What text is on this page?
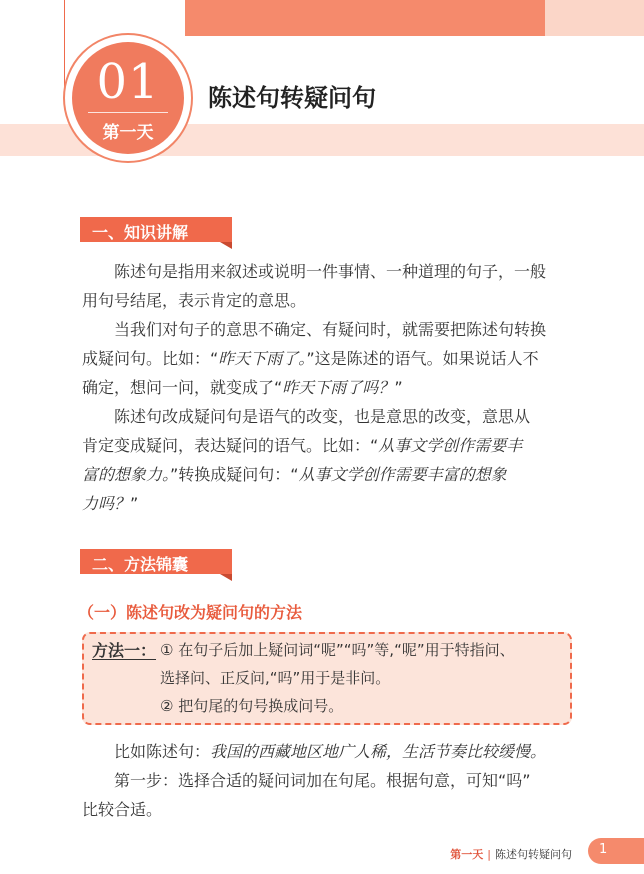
01
第一天
陈述句转疑问句
一、知识讲解

陈述句是指用来叙述或说明一件事情、一种道理的句子，一般
用句号结尾，表示肯定的意思。

当我们对句子的意思不确定、有疑问时，就需要把陈述句转换
成疑问句。比如：“昨天下雨了。”这是陈述的语气。如果说话人不
确定，想问一问，就变成了“昨天下雨了吗？”

陈述句改成疑问句是语气的改变，也是意思的改变，意思从
肯定变成疑问，表达疑问的语气。比如：“从事文学创作需要丰
富的想象力。”转换成疑问句：“从事文学创作需要丰富的想象
力吗？”

二、方法锦囊
（一）陈述句改为疑问句的方法
方法一： ① 在句子后加上疑问词“呢”“吗”等,“呢”用于特指问、
选择问、正反问,“吗”用于是非问。
② 把句尾的句号换成问号。

比如陈述句：我国的西藏地区地广人稀，生活节奏比较缓慢。

第一步：选择合适的疑问词加在句尾。根据句意，可知“吗”
比较合适。

第一天 | 陈述句转疑问句 1
